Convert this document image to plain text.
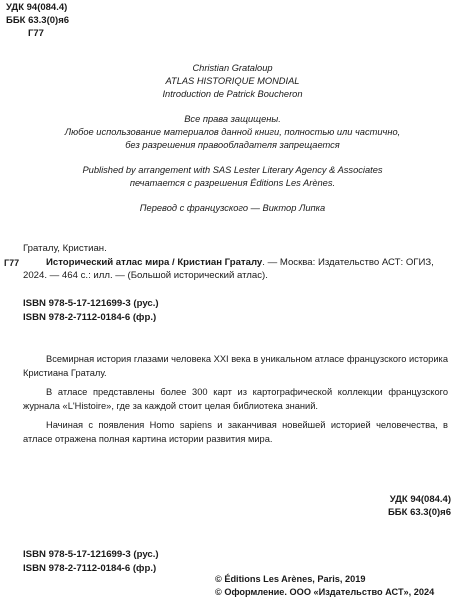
УДК 94(084.4)
ББК 63.3(0)я6
Г77
Christian Grataloup
ATLAS HISTORIQUE MONDIAL
Introduction de Patrick Boucheron
Все права защищены.
Любое использование материалов данной книги, полностью или частично,
без разрешения правообладателя запрещается
Published by arrangement with SAS Lester Literary Agency & Associates
печатается с разрешения Éditions Les Arènes.
Перевод с французского — Виктор Липка
Г77
Гратaлу, Кристиан.
Исторический атлас мира / Кристиан Граталу. — Москва: Издательство АСТ: ОГИЗ, 2024. — 464 с.: илл. — (Большой исторический атлас).
ISBN 978-5-17-121699-3 (рус.)
ISBN 978-2-7112-0184-6 (фр.)

Всемирная история глазами человека XXI века в уникальном атласе французского историка Кристиана Граталу.

В атласе представлены более 300 карт из картографической коллекции французского журнала «L'Histoire», где за каждой стоит целая библиотека знаний.

Начиная с появления Homo sapiens и заканчивая новейшей историей человечества, в атласе отражена полная картина истории развития мира.

УДК 94(084.4)
ББК 63.3(0)я6
ISBN 978-5-17-121699-3 (рус.)
ISBN 978-2-7112-0184-6 (фр.)
© Éditions Les Arènes, Paris, 2019
© Оформление. ООО «Издательство АСТ», 2024
